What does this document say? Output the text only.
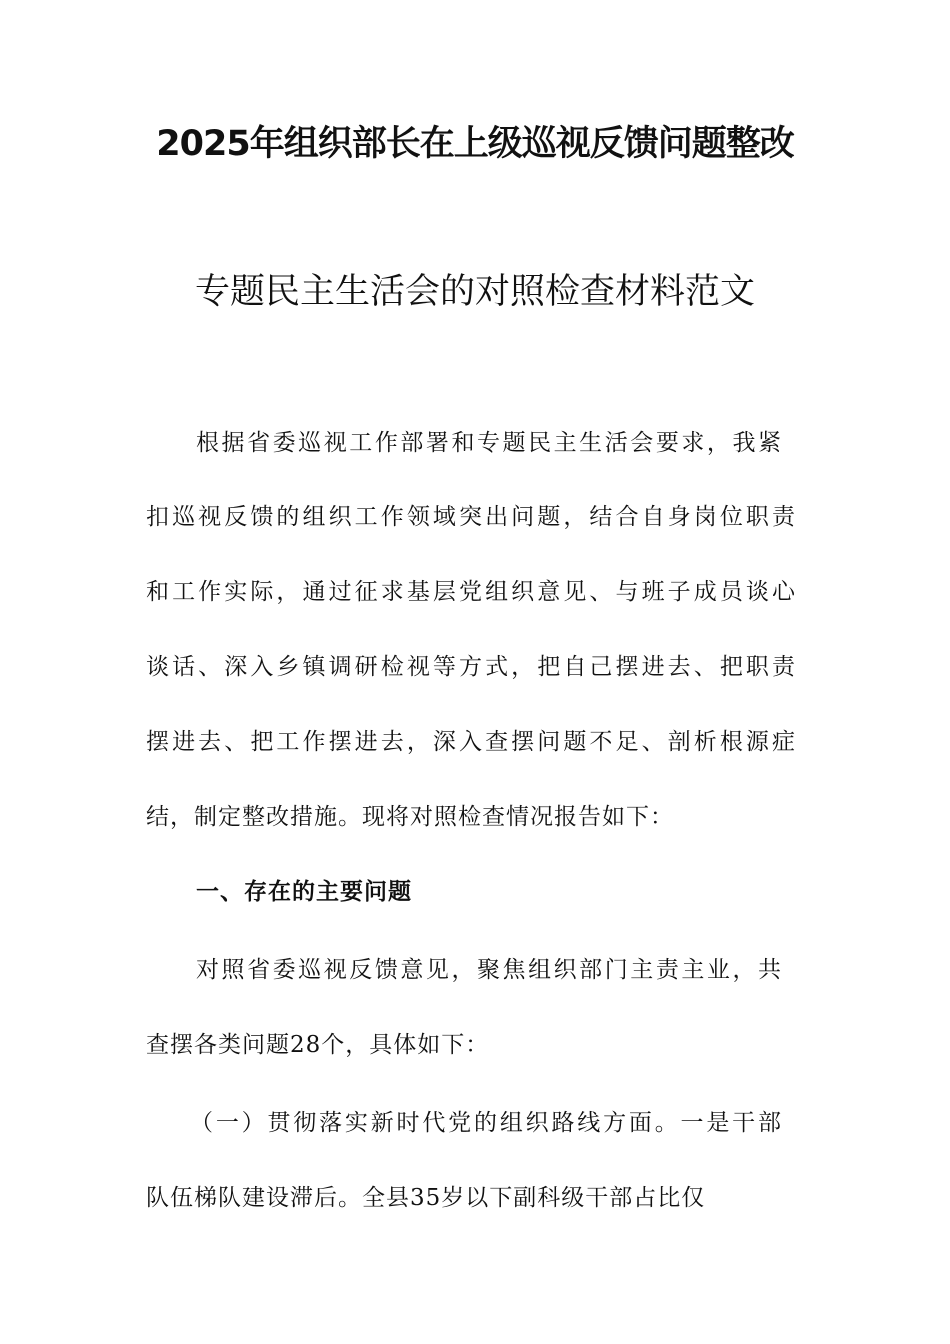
2025年组织部长在上级巡视反馈问题整改
专题民主生活会的对照检查材料范文
根据省委巡视工作部署和专题民主生活会要求，我紧
扣巡视反馈的组织工作领域突出问题，结合自身岗位职责
和工作实际，通过征求基层党组织意见、与班子成员谈心
谈话、深入乡镇调研检视等方式，把自己摆进去、把职责
摆进去、把工作摆进去，深入查摆问题不足、剖析根源症
结，制定整改措施。现将对照检查情况报告如下：
一、存在的主要问题
对照省委巡视反馈意见，聚焦组织部门主责主业，共
查摆各类问题28个，具体如下：
（一）贯彻落实新时代党的组织路线方面。一是干部
队伍梯队建设滞后。全县35岁以下副科级干部占比仅
